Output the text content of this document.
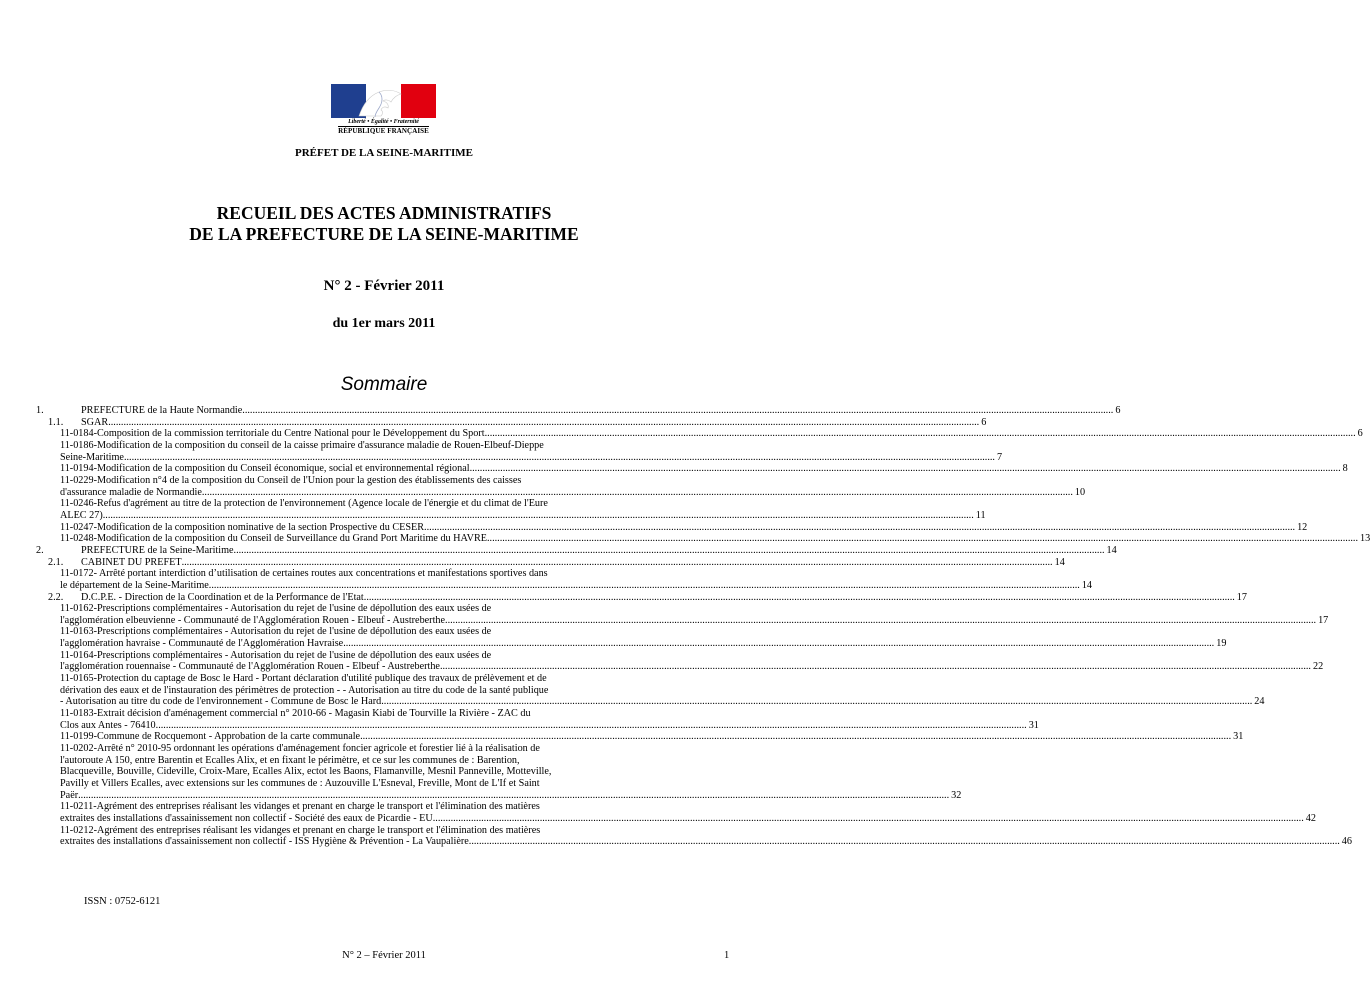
Liberté • Égalité • Fraternité
RÉPUBLIQUE FRANÇAISE
PRÉFET DE LA SEINE-MARITIME
RECUEIL DES ACTES ADMINISTRATIFS
DE LA PREFECTURE DE LA SEINE-MARITIME
N° 2 - Février 2011
du 1er mars 2011
Sommaire
1.	PREFECTURE de la Haute Normandie .....	6
1.1. SGAR .....	6
11-0184-Composition de la commission territoriale du Centre National pour le Développement du Sport .....	6
11-0186-Modification de la composition du conseil de la caisse primaire d'assurance maladie de Rouen-Elbeuf-Dieppe
Seine-Maritime .....	7
11-0194-Modification de la composition du Conseil économique, social et environnemental régional .....	8
11-0229-Modification n°4 de la composition du Conseil de l'Union pour la gestion des établissements des caisses
d'assurance maladie de Normandie .....	10
11-0246-Refus d'agrément au titre de la protection de l'environnement (Agence locale de l'énergie et du climat de l'Eure
ALEC 27) .....	11
11-0247-Modification de la composition nominative de la section Prospective du CESER .....	12
11-0248-Modification de la composition du Conseil de Surveillance du Grand Port Maritime du HAVRE .....	13
2.	PREFECTURE de la Seine-Maritime .....	14
2.1. CABINET DU PREFET .....	14
11-0172- Arrêté portant interdiction d’utilisation de certaines routes aux concentrations et manifestations sportives dans
le département de la Seine-Maritime .....	14
2.2. D.C.P.E. - Direction de la Coordination et de la Performance de l'Etat .....	17
11-0162-Prescriptions complémentaires - Autorisation du rejet de l'usine de dépollution des eaux usées de
l'agglomération elbeuvienne - Communauté de l'Agglomération Rouen - Elbeuf - Austreberthe .....	17
11-0163-Prescriptions complémentaires - Autorisation du rejet de l'usine de dépollution des eaux usées de
l'agglomération havraise - Communauté de l'Agglomération Havraise .....	19
11-0164-Prescriptions complémentaires - Autorisation du rejet de l'usine de dépollution des eaux usées de
l'agglomération rouennaise - Communauté de l'Agglomération Rouen - Elbeuf - Austreberthe .....	22
11-0165-Protection du captage de Bosc le Hard - Portant déclaration d'utilité publique des travaux de prélèvement et de
dérivation des eaux et de l'instauration des périmètres de protection - - Autorisation au titre du code de la santé publique
- Autorisation au titre du code de l'environnement - Commune de Bosc le Hard .....	24
11-0183-Extrait décision d'aménagement commercial n° 2010-66 - Magasin Kiabi de Tourville la Rivière - ZAC du
Clos aux Antes - 76410 .....	31
11-0199-Commune de Rocquemont - Approbation de la carte communale .....	31
11-0202-Arrêté n° 2010-95 ordonnant les opérations d'aménagement foncier agricole et forestier lié à la réalisation de
l'autoroute A 150, entre Barentin et Ecalles Alix, et en fixant le périmètre, et ce sur les communes de : Barention,
Blacqueville, Bouville, Cideville, Croix-Mare, Ecalles Alix, ectot les Baons, Flamanville, Mesnil Panneville, Motteville,
Pavilly et Villers Ecalles, avec extensions sur les communes de : Auzouville L'Esneval, Freville, Mont de L'If et Saint
Paër .....	32
11-0211-Agrément des entreprises réalisant les vidanges et prenant en charge le transport et l'élimination des matières
extraites des installations d'assainissement non collectif - Société des eaux de Picardie - EU .....	42
11-0212-Agrément des entreprises réalisant les vidanges et prenant en charge le transport et l'élimination des matières
extraites des installations d'assainissement non collectif - ISS Hygiène & Prévention - La Vaupalière .....	46
ISSN : 0752-6121
N° 2 – Février 2011	1
